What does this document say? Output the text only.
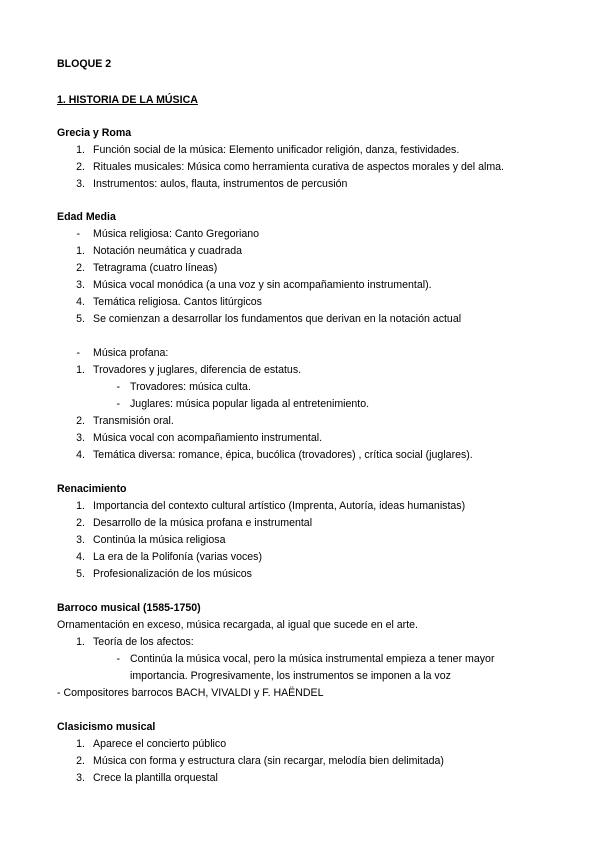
BLOQUE 2
1. HISTORIA DE LA MÚSICA
Grecia y Roma
1. Función social de la música: Elemento unificador religión, danza, festividades.
2. Rituales musicales: Música como herramienta curativa de aspectos morales y del alma.
3. Instrumentos: aulos, flauta, instrumentos de percusión
Edad Media
- Música religiosa: Canto Gregoriano
1. Notación neumática y cuadrada
2. Tetragrama (cuatro líneas)
3. Música vocal monódica (a una voz y sin acompañamiento instrumental).
4. Temática religiosa. Cantos litúrgicos
5. Se comienzan a desarrollar los fundamentos que derivan en la notación actual
- Música profana:
1. Trovadores y juglares, diferencia de estatus.
- Trovadores: música culta.
- Juglares: música popular ligada al entretenimiento.
2. Transmisión oral.
3. Música vocal con acompañamiento instrumental.
4. Temática diversa: romance, épica, bucólica (trovadores) , crítica social (juglares).
Renacimiento
1. Importancia del contexto cultural artístico (Imprenta, Autoría, ideas humanistas)
2. Desarrollo de la música profana e instrumental
3. Continúa la música religiosa
4. La era de la Polifonía (varias voces)
5. Profesionalización de los músicos
Barroco musical (1585-1750)
Ornamentación en exceso, música recargada, al igual que sucede en el arte.
1. Teoría de los afectos:
- Continúa la música vocal, pero la música instrumental empieza a tener mayor
importancia. Progresivamente, los instrumentos se imponen a la voz
- Compositores barrocos BACH, VIVALDI y F. HAËNDEL
Clasicismo musical
1. Aparece el concierto público
2. Música con forma y estructura clara (sin recargar, melodía bien delimitada)
3. Crece la plantilla orquestal
